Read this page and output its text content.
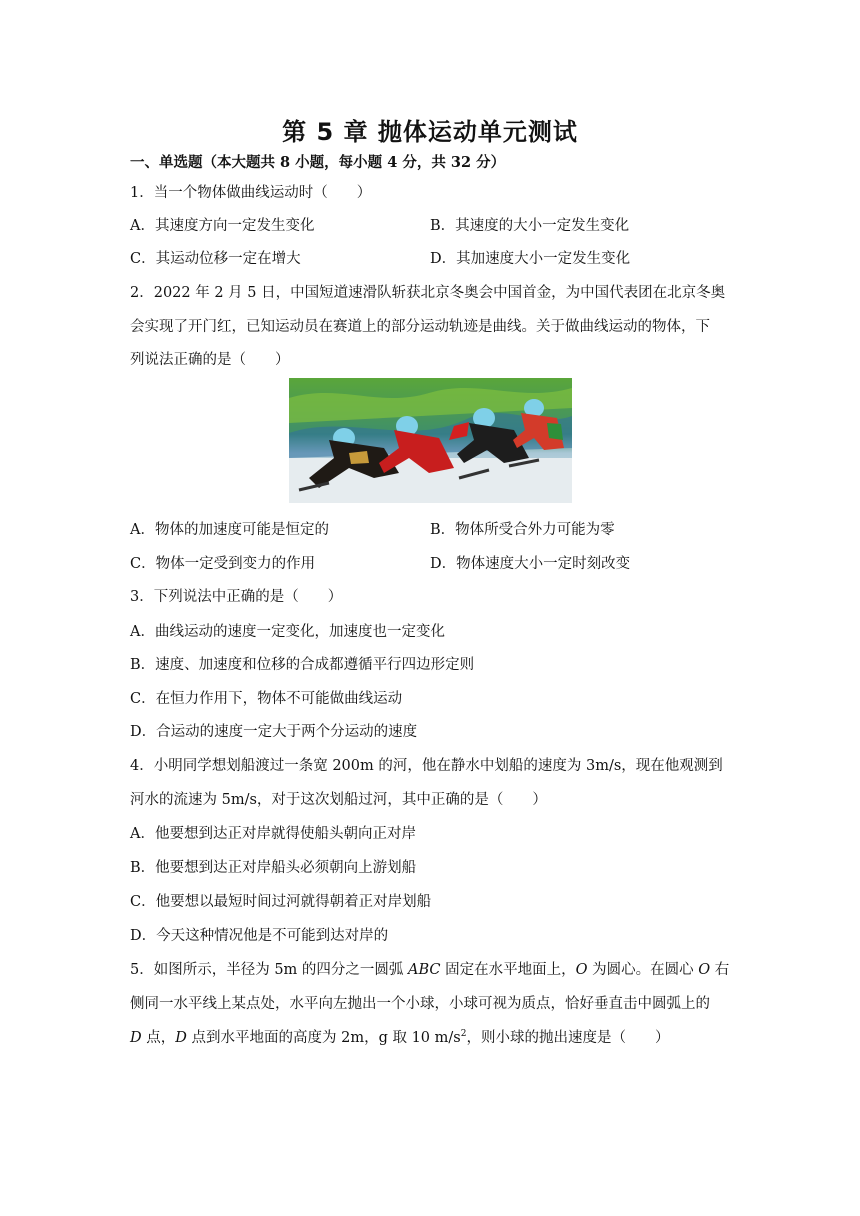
第 5 章 抛体运动单元测试
一、单选题（本大题共 8 小题，每小题 4 分，共 32 分）
1．当一个物体做曲线运动时（　　）
A．其速度方向一定发生变化	B．其速度的大小一定发生变化
C．其运动位移一定在增大	D．其加速度大小一定发生变化
2．2022 年 2 月 5 日，中国短道速滑队斩获北京冬奥会中国首金，为中国代表团在北京冬奥
会实现了开门红，已知运动员在赛道上的部分运动轨迹是曲线。关于做曲线运动的物体，下
列说法正确的是（　　）
A．物体的加速度可能是恒定的	B．物体所受合外力可能为零
C．物体一定受到变力的作用	D．物体速度大小一定时刻改变
3．下列说法中正确的是（　　）
A．曲线运动的速度一定变化，加速度也一定变化
B．速度、加速度和位移的合成都遵循平行四边形定则
C．在恒力作用下，物体不可能做曲线运动
D．合运动的速度一定大于两个分运动的速度
4．小明同学想划船渡过一条宽 200m 的河，他在静水中划船的速度为 3m/s，现在他观测到
河水的流速为 5m/s，对于这次划船过河，其中正确的是（　　）
A．他要想到达正对岸就得使船头朝向正对岸
B．他要想到达正对岸船头必须朝向上游划船
C．他要想以最短时间过河就得朝着正对岸划船
D．今天这种情况他是不可能到达对岸的
5．如图所示，半径为 5m 的四分之一圆弧 ABC 固定在水平地面上，O 为圆心。在圆心 O 右
侧同一水平线上某点处，水平向左抛出一个小球，小球可视为质点，恰好垂直击中圆弧上的
D 点，D 点到水平地面的高度为 2m，g 取 10 $m/s^2$，则小球的抛出速度是（　　）
